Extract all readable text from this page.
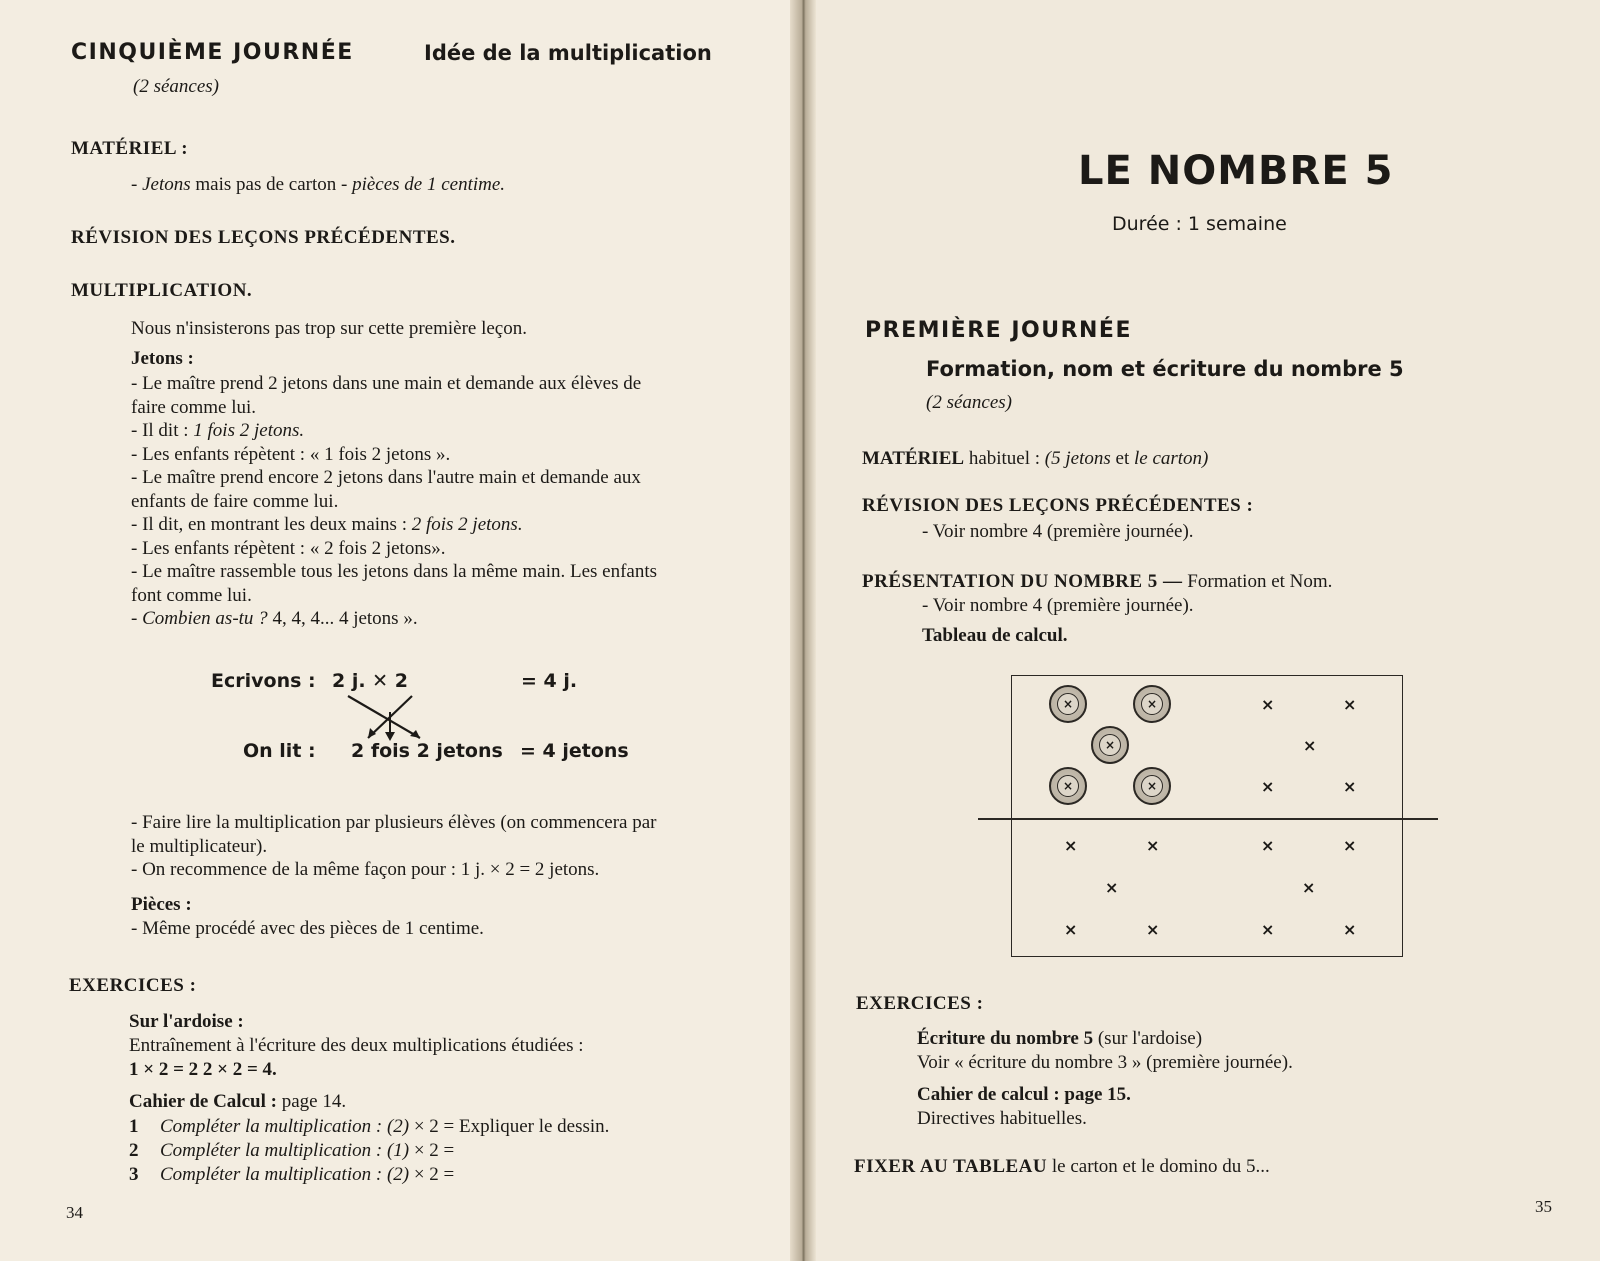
CINQUIÈME JOURNÉE	Idée de la multiplication
(2 séances)
MATÉRIEL :
- Jetons mais pas de carton - pièces de 1 centime.
RÉVISION DES LEÇONS PRÉCÉDENTES.
MULTIPLICATION.
Nous n'insisterons pas trop sur cette première leçon.
Jetons :
- Le maître prend 2 jetons dans une main et demande aux élèves de
faire comme lui.
- Il dit : 1 fois 2 jetons.
- Les enfants répètent : « 1 fois 2 jetons ».
- Le maître prend encore 2 jetons dans l'autre main et demande aux
enfants de faire comme lui.
- Il dit, en montrant les deux mains : 2 fois 2 jetons.
- Les enfants répètent : « 2 fois 2 jetons».
- Le maître rassemble tous les jetons dans la même main. Les enfants
font comme lui.
- Combien as-tu ? 4, 4, 4... 4 jetons ».
Ecrivons : 2 j. ✕ 2	= 4 j.
On lit : 2 fois 2 jetons = 4 jetons
- Faire lire la multiplication par plusieurs élèves (on commencera par
le multiplicateur).
- On recommence de la même façon pour : 1 j. × 2 = 2 jetons.
Pièces :
- Même procédé avec des pièces de 1 centime.
EXERCICES :
Sur l'ardoise :
Entraînement à l'écriture des deux multiplications étudiées :
1 × 2 = 2 2 × 2 = 4.
Cahier de Calcul : page 14.
1 Compléter la multiplication : (2) × 2 = Expliquer le dessin.
2 Compléter la multiplication : (1) × 2 =
3 Compléter la multiplication : (2) × 2 =
34
LE NOMBRE 5
Durée : 1 semaine
PREMIÈRE JOURNÉE
Formation, nom et écriture du nombre 5
(2 séances)
MATÉRIEL habituel : (5 jetons et le carton)
RÉVISION DES LEÇONS PRÉCÉDENTES :
- Voir nombre 4 (première journée).
PRÉSENTATION DU NOMBRE 5 — Formation et Nom.
- Voir nombre 4 (première journée).
Tableau de calcul.
×	×
×
×	×
×	×
×
×	×
×	×	×	×
×	×
×	×	×	×
EXERCICES :
Écriture du nombre 5 (sur l'ardoise)
Voir « écriture du nombre 3 » (première journée).
Cahier de calcul : page 15.
Directives habituelles.
FIXER AU TABLEAU le carton et le domino du 5...
35
